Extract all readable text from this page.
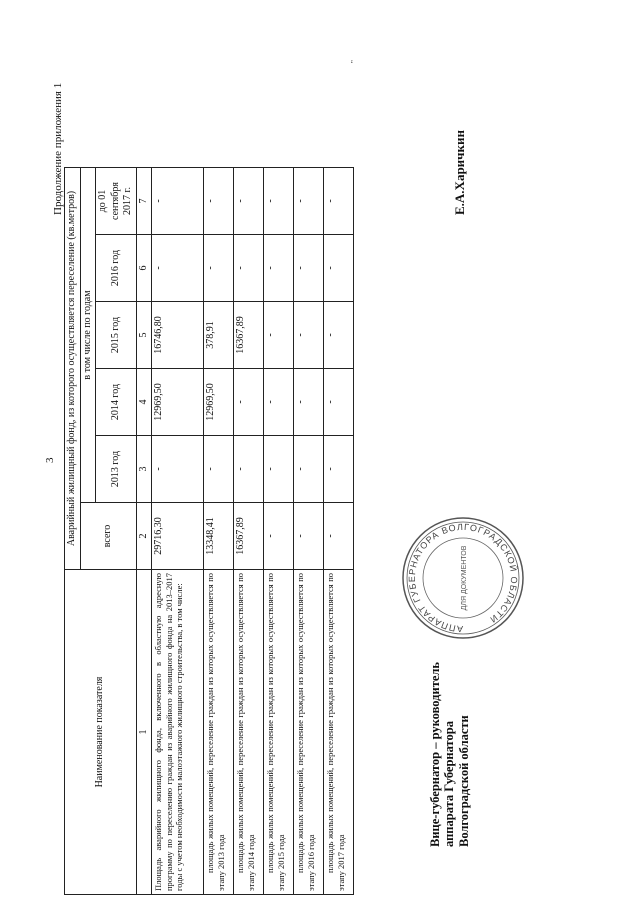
3
Продолжение приложения 1
Наименование показателя	Аварийный жилищный фонд, из которого осуществляется переселение (кв.метров)					
	всего	в том числе по годам				
		2013 год	2014 год	2015 год	2016 год	до 01 сентября 2017 г.
1	2	3	4	5	6	7
Площадь аварийного жилищного фонда, включенного в областную адресную программу по переселению граждан из аварийного жилищного фонда на 2013–2017 годы с учетом необходимости малоэтажного жилищного строительства, в том числе:	29716,30	-	12969,50	16746,80	-	-
площадь жилых помещений, переселение граждан из которых осуществляется по этапу 2013 года	13348,41	-	12969,50	378,91	-	-
площадь жилых помещений, переселение граждан из которых осуществляется по этапу 2014 года	16367,89	-	-	16367,89	-	-
площадь жилых помещений, переселение граждан из которых осуществляется по этапу 2015 года	-	-	-	-	-	-
площадь жилых помещений, переселение граждан из которых осуществляется по этапу 2016 года	-	-	-	-	-	-
площадь жилых помещений, переселение граждан из которых осуществляется по этапу 2017 года	-	-	-	-	-	-
"
Вице-губернатор – руководитель аппарата Губернатора Волгоградской области
АППАРАТ ГУБЕРНАТОРА ВОЛГОГРАДСКОЙ ОБЛАСТИ
ДЛЯ ДОКУМЕНТОВ
Е.А.Харичкин
